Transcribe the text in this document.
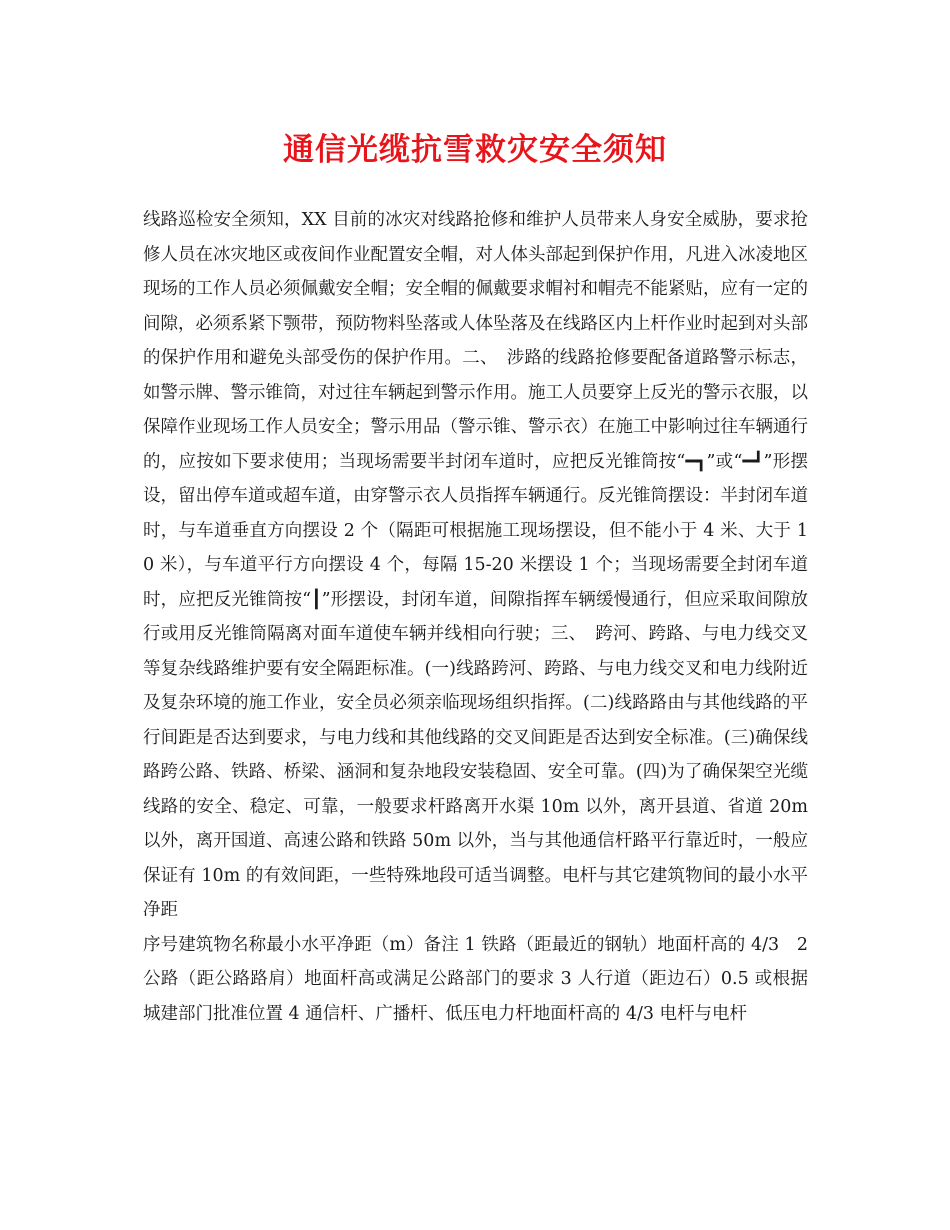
通信光缆抗雪救灾安全须知

线路巡检安全须知，XX 目前的冰灾对线路抢修和维护人员带来人身安全威胁，要求抢修人员在冰灾地区或夜间作业配置安全帽，对人体头部起到保护作用，凡进入冰凌地区现场的工作人员必须佩戴安全帽；安全帽的佩戴要求帽衬和帽壳不能紧贴，应有一定的间隙，必须系紧下颚带，预防物料坠落或人体坠落及在线路区内上杆作业时起到对头部的保护作用和避免头部受伤的保护作用。二、　涉路的线路抢修要配备道路警示标志，如警示牌、警示锥筒，对过往车辆起到警示作用。施工人员要穿上反光的警示衣服，以保障作业现场工作人员安全；警示用品（警示锥、警示衣）在施工中影响过往车辆通行的，应按如下要求使用；当现场需要半封闭车道时，应把反光锥筒按“━┓”或“━┛”形摆设，留出停车道或超车道，由穿警示衣人员指挥车辆通行。反光锥筒摆设：半封闭车道时，与车道垂直方向摆设 2 个（隔距可根据施工现场摆设，但不能小于 4 米、大于 10 米），与车道平行方向摆设 4 个，每隔 15-20 米摆设 1 个；当现场需要全封闭车道时，应把反光锥筒按“┃”形摆设，封闭车道，间隙指挥车辆缓慢通行，但应采取间隙放行或用反光锥筒隔离对面车道使车辆并线相向行驶；三、　跨河、跨路、与电力线交叉等复杂线路维护要有安全隔距标准。(一)线路跨河、跨路、与电力线交叉和电力线附近及复杂环境的施工作业，安全员必须亲临现场组织指挥。(二)线路路由与其他线路的平行间距是否达到要求，与电力线和其他线路的交叉间距是否达到安全标准。(三)确保线路跨公路、铁路、桥梁、涵洞和复杂地段安装稳固、安全可靠。(四)为了确保架空光缆线路的安全、稳定、可靠，一般要求杆路离开水渠 10m 以外，离开县道、省道 20m 以外，离开国道、高速公路和铁路 50m 以外，当与其他通信杆路平行靠近时，一般应保证有 10m 的有效间距，一些特殊地段可适当调整。电杆与其它建筑物间的最小水平净距

序号建筑物名称最小水平净距（m）备注 1 铁路（距最近的钢轨）地面杆高的 4/3　2 公路（距公路路肩）地面杆高或满足公路部门的要求 3 人行道（距边石）0.5 或根据城建部门批准位置 4 通信杆、广播杆、低压电力杆地面杆高的 4/3 电杆与电杆
